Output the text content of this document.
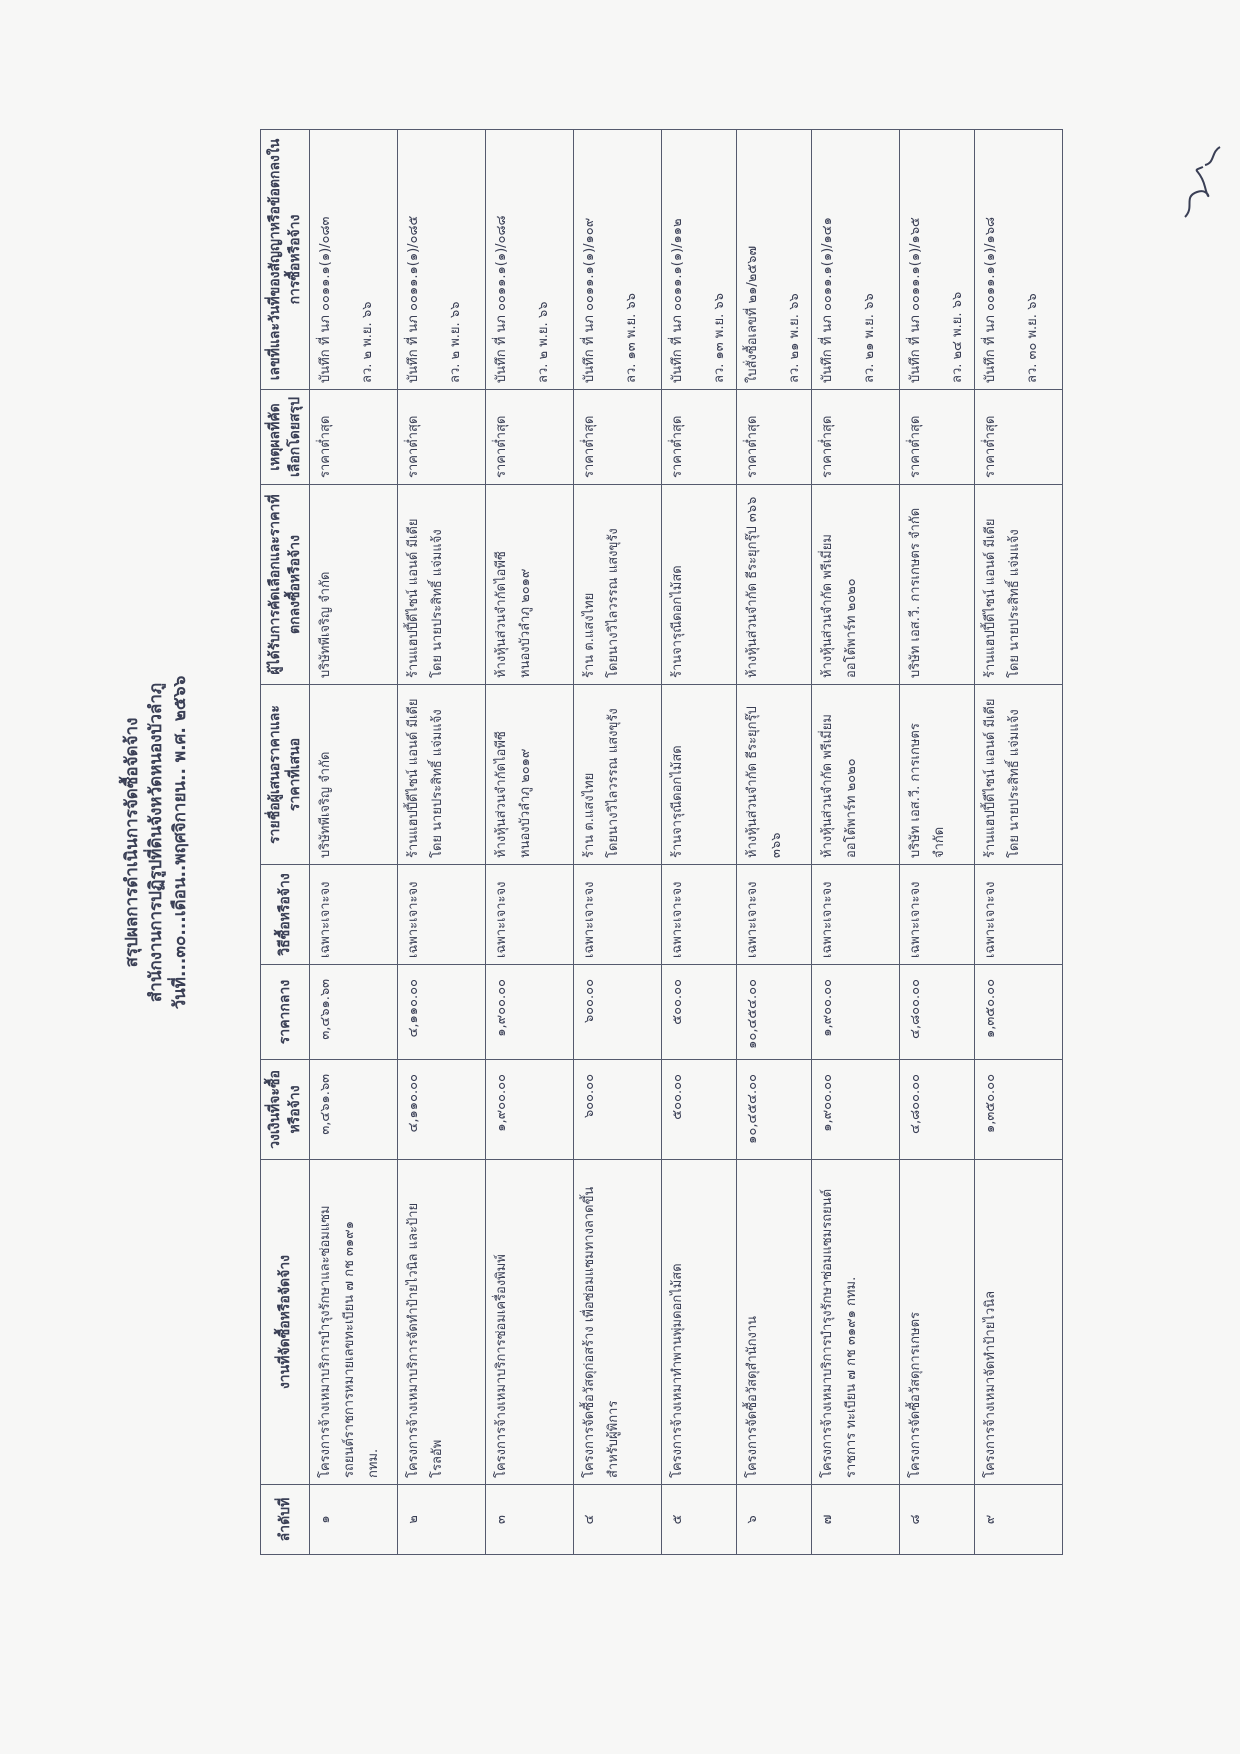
สรุปผลการดำเนินการจัดซื้อจัดจ้าง สำนักงานการปฏิรูปที่ดินจังหวัดหนองบัวลำภู วันที่...๓๐...เดือน..พฤศจิกายน.. พ.ศ. ๒๕๖๖
ลำดับที่	งานที่จัดซื้อหรือจัดจ้าง	วงเงินที่จะซื้อหรือจ้าง	ราคากลาง	วิธีซื้อหรือจ้าง	รายชื่อผู้เสนอราคาและราคาที่เสนอ	ผู้ได้รับการคัดเลือกและราคาที่ตกลงซื้อหรือจ้าง	เหตุผลที่คัดเลือกโดยสรุป	เลขที่และวันที่ของสัญญาหรือข้อตกลงในการซื้อหรือจ้าง
๑	โครงการจ้างเหมาบริการบำรุงรักษาและซ่อมแซม รถยนต์ราชการหมายเลขทะเบียน ๗ กช ๓๑๙๑ กทม.	๓,๔๖๑.๖๓	๓,๔๖๑.๖๓	เฉพาะเจาะจง	บริษัทพีเจริญ จำกัด	บริษัทพีเจริญ จำกัด	ราคาต่ำสุด	บันทึก ที่ นภ ๐๐๑๑.๑(๑)/๐๘๓ ลว. ๒ พ.ย. ๖๖

๒	โครงการจ้างเหมาบริการจัดทำป้ายไวนิล และป้าย โรลอัพ	๔,๑๑๐.๐๐	๔,๑๑๐.๐๐	เฉพาะเจาะจง	ร้านแฮปปี้ดีไซน์ แอนด์ มีเดีย โดย นายประสิทธิ์ แจ่มแจ้ง	ร้านแฮปปี้ดีไซน์ แอนด์ มีเดีย โดย นายประสิทธิ์ แจ่มแจ้ง	ราคาต่ำสุด	บันทึก ที่ นภ ๐๐๑๑.๑(๑)/๐๘๕ ลว. ๒ พ.ย. ๖๖

๓	โครงการจ้างเหมาบริการซ่อมเครื่องพิมพ์	๑,๙๐๐.๐๐	๑,๙๐๐.๐๐	เฉพาะเจาะจง	ห้างหุ้นส่วนจำกัดไอพีซี หนองบัวลำภู ๒๐๑๙	ห้างหุ้นส่วนจำกัดไอพีซี หนองบัวลำภู ๒๐๑๙	ราคาต่ำสุด	บันทึก ที่ นภ ๐๐๑๑.๑(๑)/๐๘๘ ลว. ๒ พ.ย. ๖๖

๔	โครงการจัดซื้อวัสดุก่อสร้าง เพื่อซ่อมแซมทางลาดขึ้น สำหรับผู้พิการ	๖๐๐.๐๐	๖๐๐.๐๐	เฉพาะเจาะจง	ร้าน ต.แสงไทย โดยนางวิไลวรรณ แสงขุรัง	ร้าน ต.แสงไทย โดยนางวิไลวรรณ แสงขุรัง	ราคาต่ำสุด	บันทึก ที่ นภ ๐๐๑๑.๑(๑)/๑๐๙ ลว. ๑๓ พ.ย. ๖๖

๕	โครงการจ้างเหมาทำพานพุ่มดอกไม้สด	๕๐๐.๐๐	๕๐๐.๐๐	เฉพาะเจาะจง	ร้านจารุณีดอกไม้สด	ร้านจารุณีดอกไม้สด	ราคาต่ำสุด	บันทึก ที่ นภ ๐๐๑๑.๑(๑)/๑๑๒ ลว. ๑๓ พ.ย. ๖๖

๖	โครงการจัดซื้อวัสดุสำนักงาน	๑๐,๔๕๔.๐๐	๑๐,๔๕๔.๐๐	เฉพาะเจาะจง	ห้างหุ้นส่วนจำกัด ธีระยุกรุ๊ป ๓๖๖	ห้างหุ้นส่วนจำกัด ธีระยุกรุ๊ป ๓๖๖	ราคาต่ำสุด	ใบสั่งซื้อเลขที่ ๒๑/๒๕๖๗ ลว. ๒๑ พ.ย. ๖๖

๗	โครงการจ้างเหมาบริการบำรุงรักษาซ่อมแซมรถยนต์ ราชการ ทะเบียน ๗ กช ๓๑๙๑ กทม.	๑,๙๐๐.๐๐	๑,๙๐๐.๐๐	เฉพาะเจาะจง	ห้างหุ้นส่วนจำกัด พรีเมี่ยม ออโต้พาร์ท ๒๐๒๐	ห้างหุ้นส่วนจำกัด พรีเมี่ยม ออโต้พาร์ท ๒๐๒๐	ราคาต่ำสุด	บันทึก ที่ นภ ๐๐๑๑.๑(๑)/๑๔๑ ลว. ๒๑ พ.ย. ๖๖

๘	โครงการจัดซื้อวัสดุการเกษตร	๔,๘๐๐.๐๐	๔,๘๐๐.๐๐	เฉพาะเจาะจง	บริษัท เอส.วี. การเกษตร จำกัด	บริษัท เอส.วี. การเกษตร จำกัด	ราคาต่ำสุด	บันทึก ที่ นภ ๐๐๑๑.๑(๑)/๑๖๕ ลว. ๒๔ พ.ย. ๖๖

๙	โครงการจ้างเหมาจัดทำป้ายไวนิล	๑,๓๕๐.๐๐	๑,๓๕๐.๐๐	เฉพาะเจาะจง	ร้านแฮปปี้ดีไซน์ แอนด์ มีเดีย โดย นายประสิทธิ์ แจ่มแจ้ง	ร้านแฮปปี้ดีไซน์ แอนด์ มีเดีย โดย นายประสิทธิ์ แจ่มแจ้ง	ราคาต่ำสุด	บันทึก ที่ นภ ๐๐๑๑.๑(๑)/๑๖๘ ลว. ๓๐ พ.ย. ๖๖
